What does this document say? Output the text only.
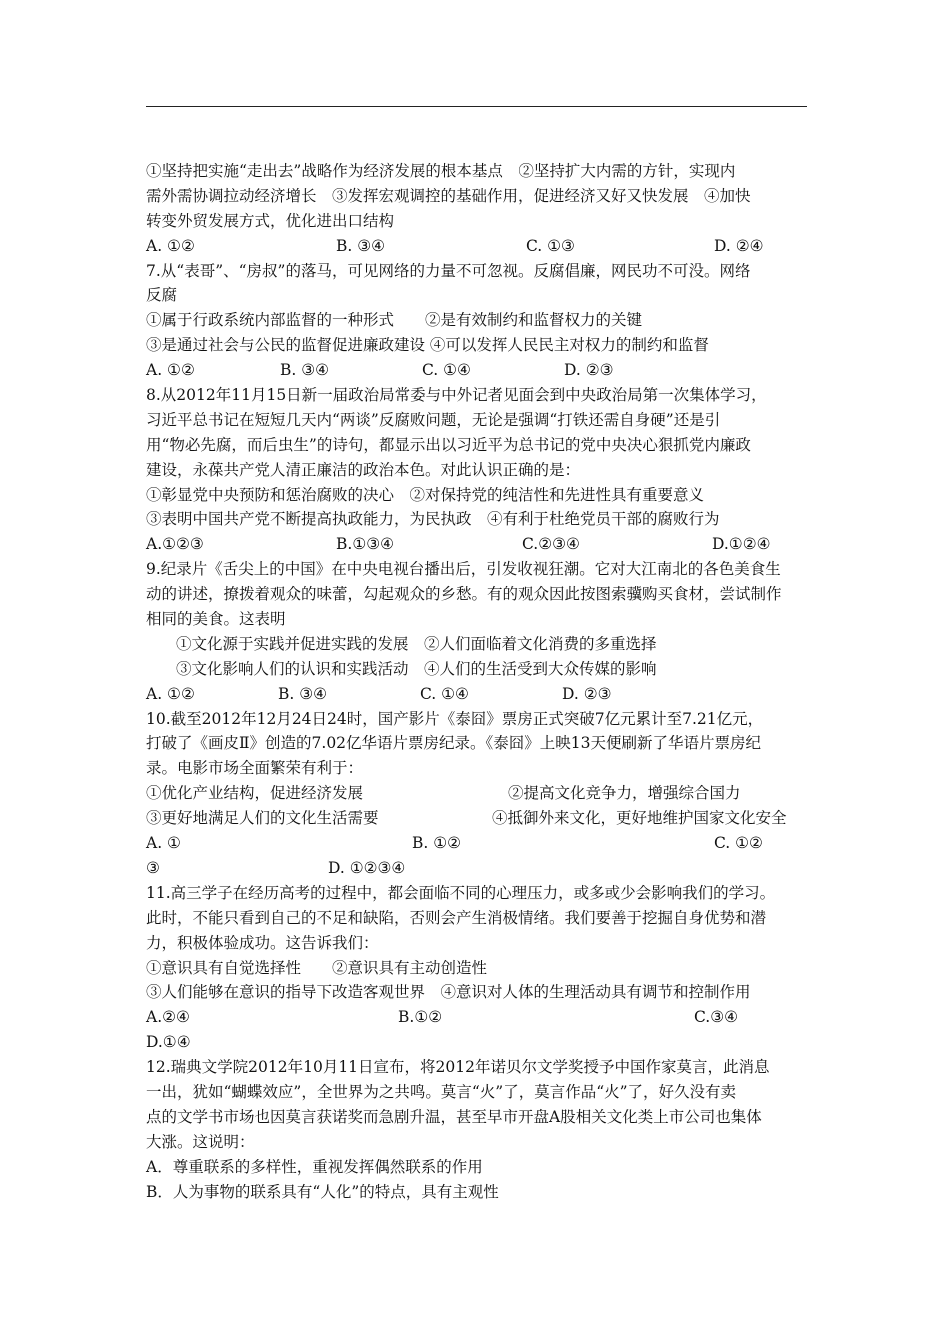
①坚持把实施“走出去”战略作为经济发展的根本基点　②坚持扩大内需的方针，实现内
需外需协调拉动经济增长　③发挥宏观调控的基础作用，促进经济又好又快发展　④加快
转变外贸发展方式，优化进出口结构
A. ①②	B. ③④	C. ①③	D. ②④
7.从“表哥”、“房叔”的落马，可见网络的力量不可忽视。反腐倡廉，网民功不可没。网络
反腐
①属于行政系统内部监督的一种形式　　②是有效制约和监督权力的关键
③是通过社会与公民的监督促进廉政建设 ④可以发挥人民民主对权力的制约和监督
A. ①②	B. ③④	C. ①④	D. ②③
8.从2012年11月15日新一届政治局常委与中外记者见面会到中央政治局第一次集体学习，
习近平总书记在短短几天内“两谈”反腐败问题，无论是强调“打铁还需自身硬”还是引
用“物必先腐，而后虫生”的诗句，都显示出以习近平为总书记的党中央决心狠抓党内廉政
建设，永葆共产党人清正廉洁的政治本色。对此认识正确的是：
①彰显党中央预防和惩治腐败的决心　②对保持党的纯洁性和先进性具有重要意义
③表明中国共产党不断提高执政能力，为民执政　④有利于杜绝党员干部的腐败行为
A.①②③	B.①③④	C.②③④	D.①②④
9.纪录片《舌尖上的中国》在中央电视台播出后，引发收视狂潮。它对大江南北的各色美食生
动的讲述，撩拨着观众的味蕾，勾起观众的乡愁。有的观众因此按图索骥购买食材，尝试制作
相同的美食。这表明
①文化源于实践并促进实践的发展　②人们面临着文化消费的多重选择
③文化影响人们的认识和实践活动　④人们的生活受到大众传媒的影响
A. ①②	B. ③④	C. ①④	D. ②③
10.截至2012年12月24日24时，国产影片《泰囧》票房正式突破7亿元累计至7.21亿元，
打破了《画皮Ⅱ》创造的7.02亿华语片票房纪录。《泰囧》上映13天便刷新了华语片票房纪
录。电影市场全面繁荣有利于：
①优化产业结构，促进经济发展	②提高文化竞争力，增强综合国力
③更好地满足人们的文化生活需要	④抵御外来文化，更好地维护国家文化安全
A. ①	B. ①②	C. ①②
③	D. ①②③④
11.高三学子在经历高考的过程中，都会面临不同的心理压力，或多或少会影响我们的学习。
此时，不能只看到自己的不足和缺陷，否则会产生消极情绪。我们要善于挖掘自身优势和潜
力，积极体验成功。这告诉我们：
①意识具有自觉选择性　　②意识具有主动创造性
③人们能够在意识的指导下改造客观世界　④意识对人体的生理活动具有调节和控制作用
A.②④	B.①②	C.③④
D.①④
12.瑞典文学院2012年10月11日宣布，将2012年诺贝尔文学奖授予中国作家莫言，此消息
一出，犹如“蝴蝶效应”，全世界为之共鸣。莫言“火”了，莫言作品“火”了，好久没有卖
点的文学书市场也因莫言获诺奖而急剧升温，甚至早市开盘A股相关文化类上市公司也集体
大涨。这说明：
A．尊重联系的多样性，重视发挥偶然联系的作用
B．人为事物的联系具有“人化”的特点，具有主观性
